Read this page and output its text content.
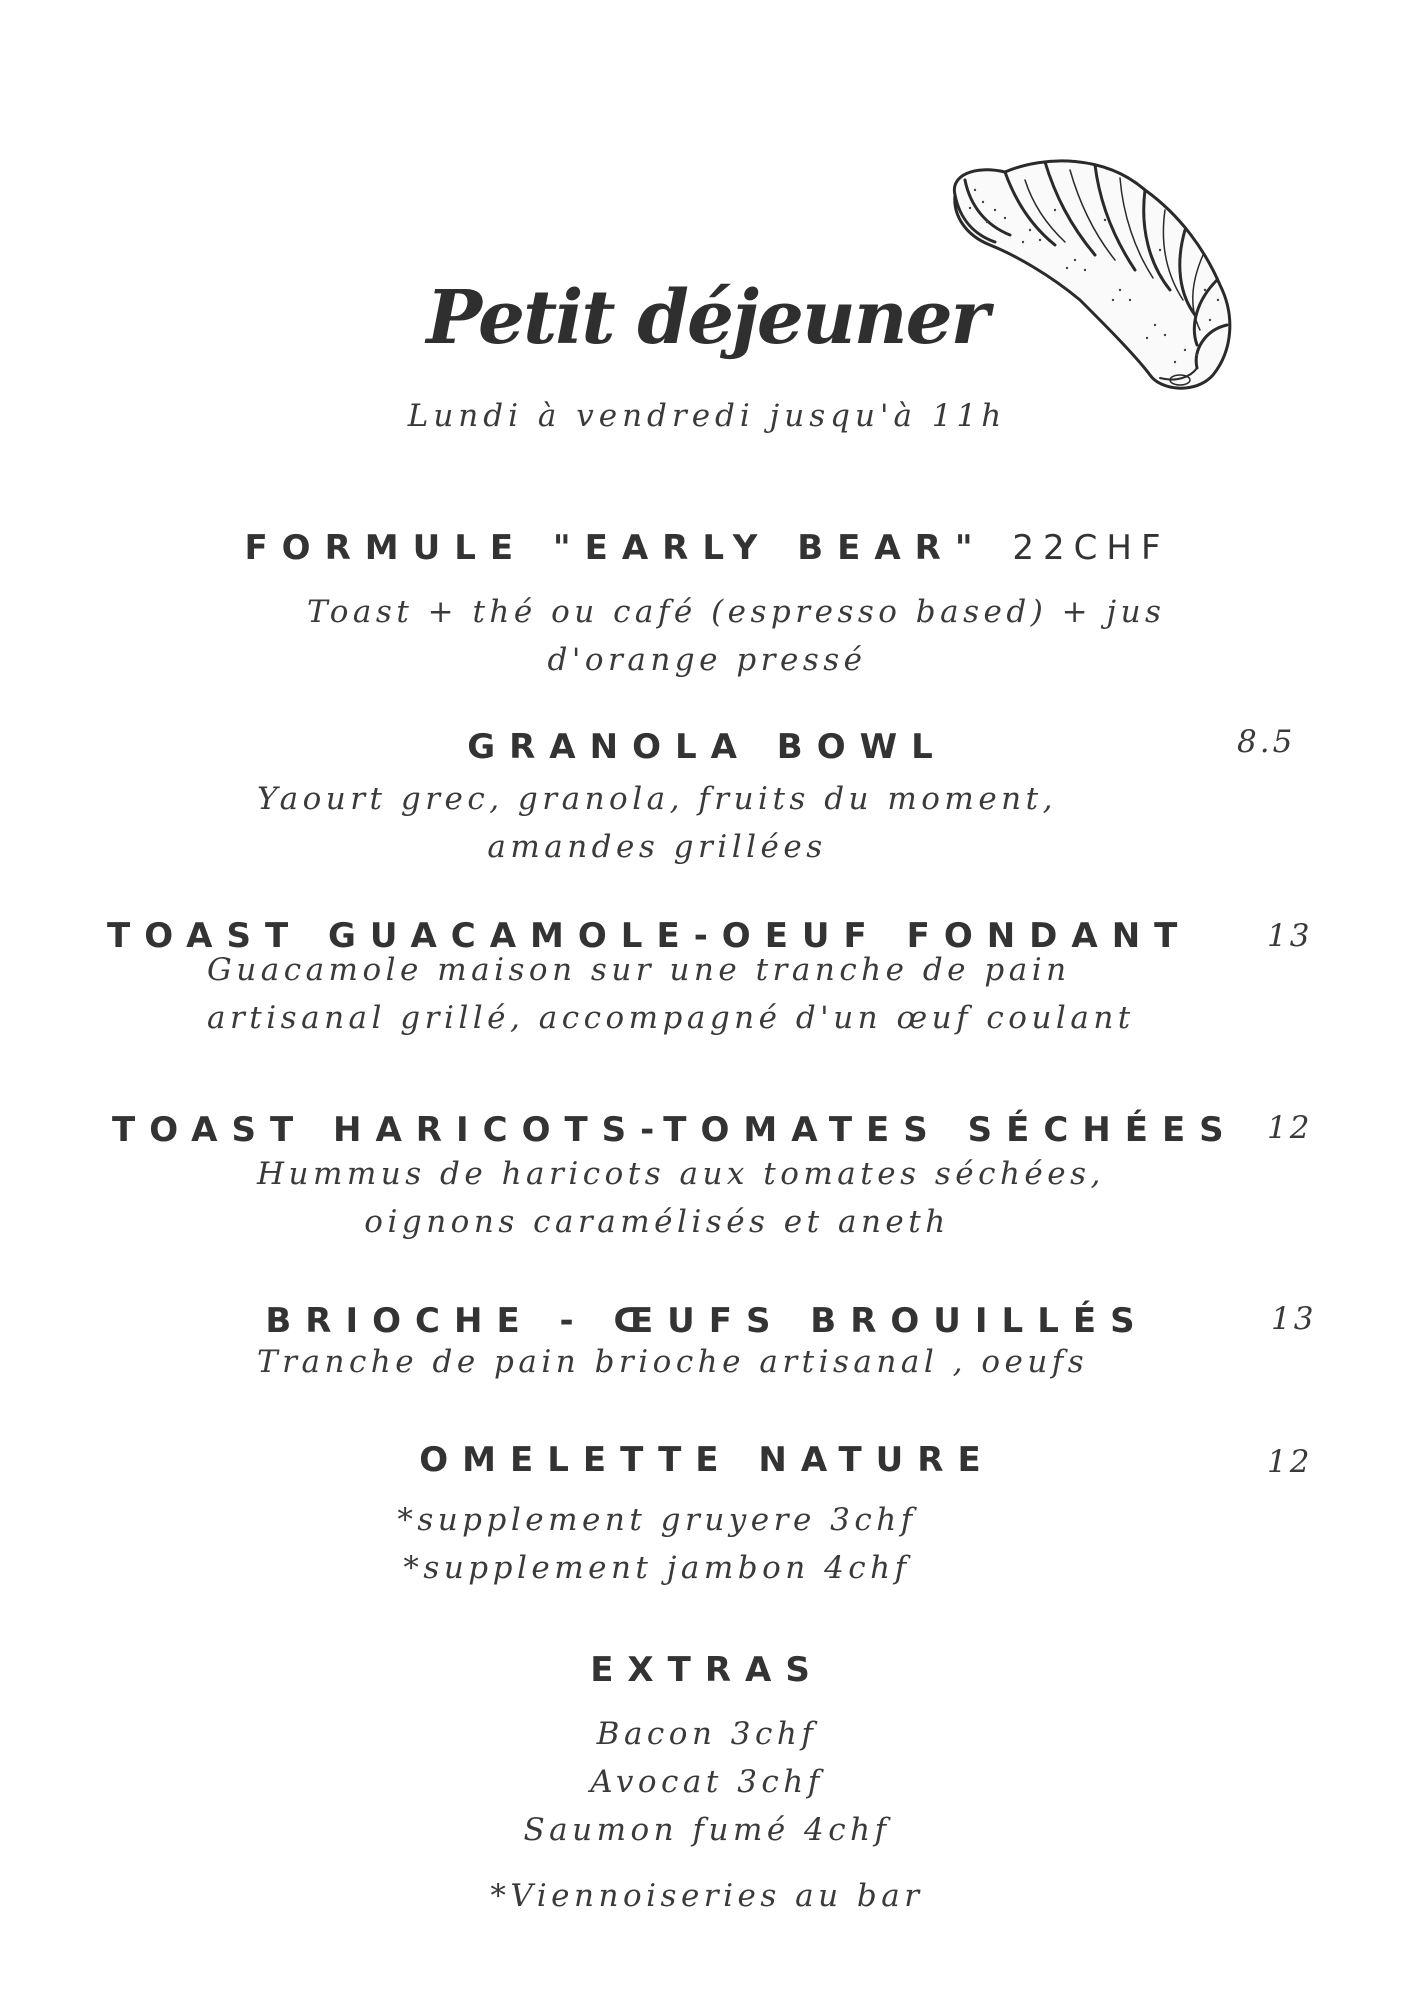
Petit déjeuner
Lundi à vendredi jusqu'à 11h
FORMULE "EARLY BEAR" 22CHF
Toast + thé ou café (espresso based) + jus
d'orange pressé
GRANOLA BOWL	8.5
Yaourt grec, granola, fruits du moment,
amandes grillées
TOAST GUACAMOLE-OEUF FONDANT 13
Guacamole maison sur une tranche de pain
artisanal grillé, accompagné d'un œuf coulant
TOAST HARICOTS-TOMATES SÉCHÉES 12
Hummus de haricots aux tomates séchées,
oignons caramélisés et aneth
BRIOCHE - ŒUFS BROUILLÉS	13
Tranche de pain brioche artisanal , oeufs
OMELETTE NATURE	12
*supplement gruyere 3chf
*supplement jambon 4chf
EXTRAS
Bacon 3chf
Avocat 3chf
Saumon fumé 4chf
*Viennoiseries au bar
